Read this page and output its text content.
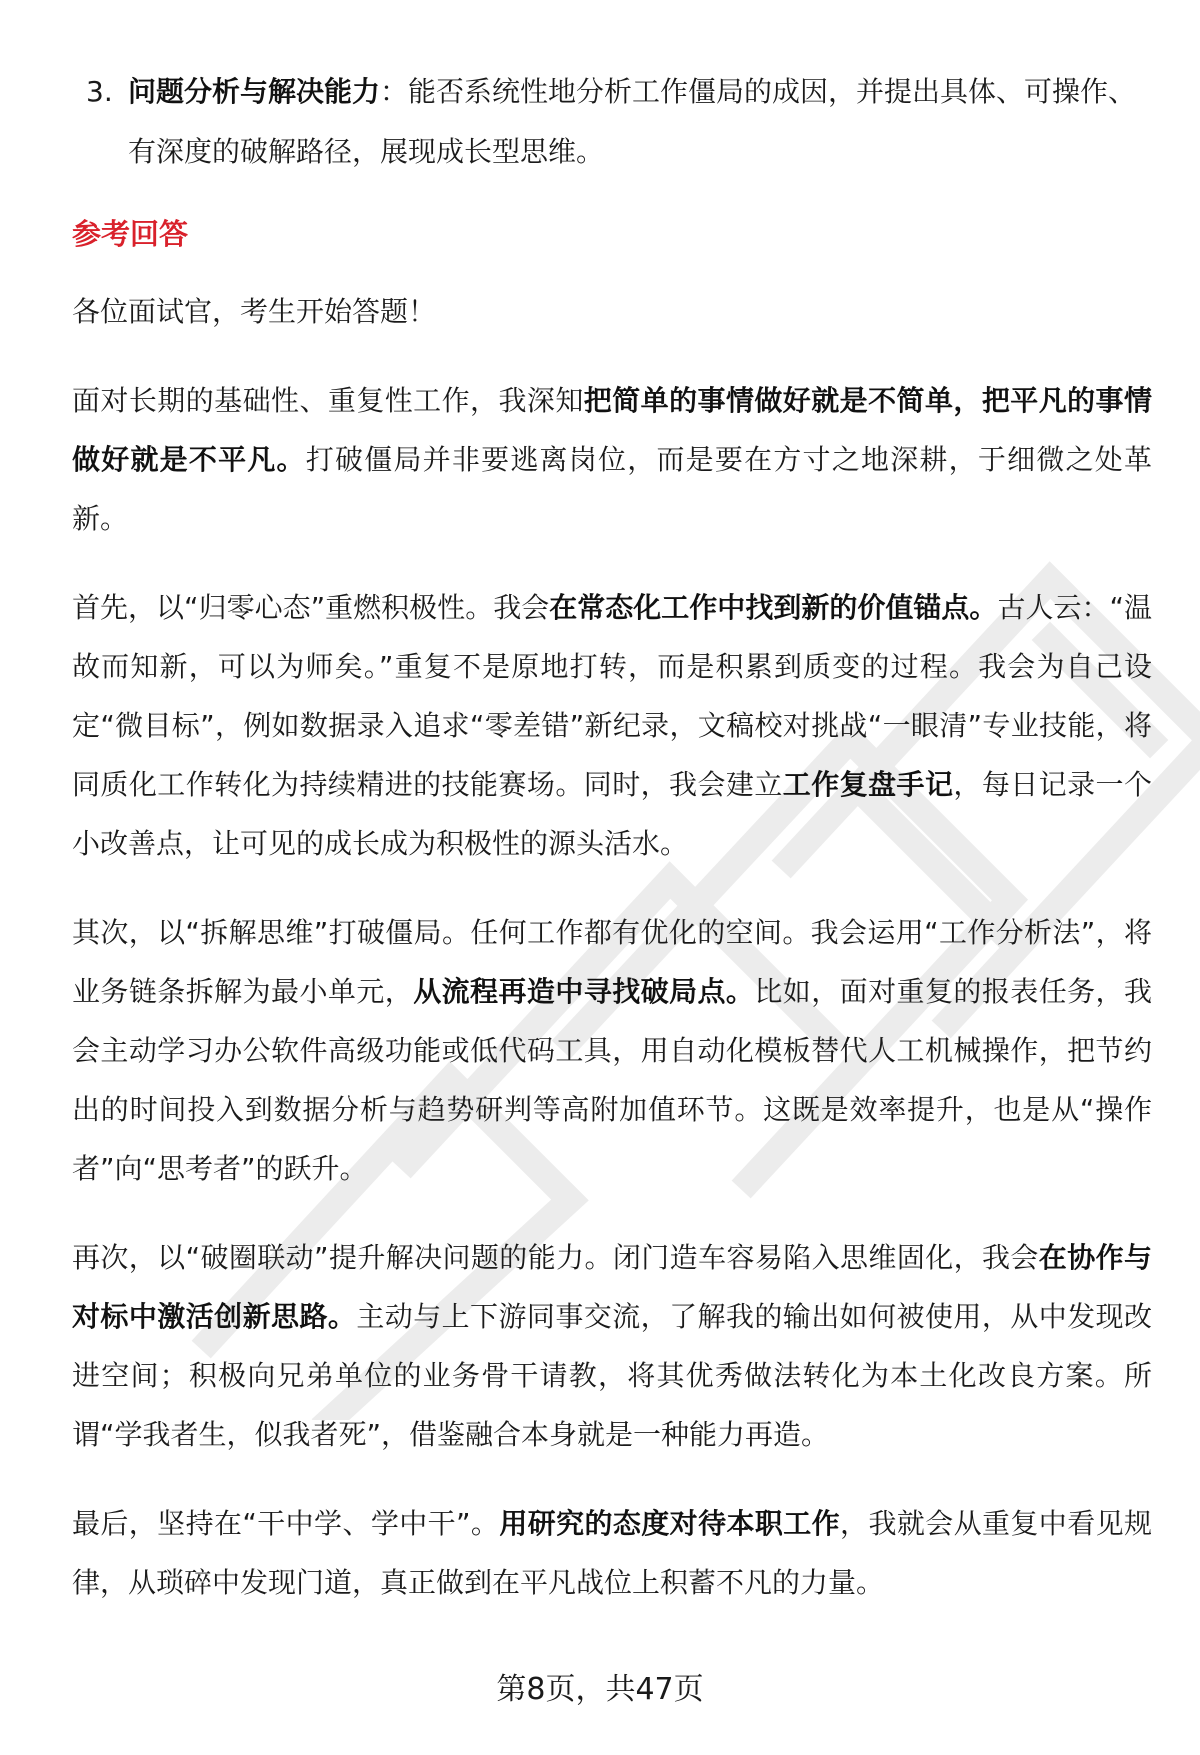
3. 问题分析与解决能力：能否系统性地分析工作僵局的成因，并提出具体、可操作、有深度的破解路径，展现成长型思维。
参考回答

各位面试官，考生开始答题！

面对长期的基础性、重复性工作，我深知把简单的事情做好就是不简单，把平凡的事情做好就是不平凡。打破僵局并非要逃离岗位，而是要在方寸之地深耕，于细微之处革新。

首先，以“归零心态”重燃积极性。我会在常态化工作中找到新的价值锚点。古人云：“温故而知新，可以为师矣。”重复不是原地打转，而是积累到质变的过程。我会为自己设定“微目标”，例如数据录入追求“零差错”新纪录，文稿校对挑战“一眼清”专业技能，将同质化工作转化为持续精进的技能赛场。同时，我会建立工作复盘手记，每日记录一个小改善点，让可见的成长成为积极性的源头活水。

其次，以“拆解思维”打破僵局。任何工作都有优化的空间。我会运用“工作分析法”，将业务链条拆解为最小单元，从流程再造中寻找破局点。比如，面对重复的报表任务，我会主动学习办公软件高级功能或低代码工具，用自动化模板替代人工机械操作，把节约出的时间投入到数据分析与趋势研判等高附加值环节。这既是效率提升，也是从“操作者”向“思考者”的跃升。

再次，以“破圈联动”提升解决问题的能力。闭门造车容易陷入思维固化，我会在协作与对标中激活创新思路。主动与上下游同事交流，了解我的输出如何被使用，从中发现改进空间；积极向兄弟单位的业务骨干请教，将其优秀做法转化为本土化改良方案。所谓“学我者生，似我者死”，借鉴融合本身就是一种能力再造。

最后，坚持在“干中学、学中干”。用研究的态度对待本职工作，我就会从重复中看见规律，从琐碎中发现门道，真正做到在平凡战位上积蓄不凡的力量。

第8页，共47页
